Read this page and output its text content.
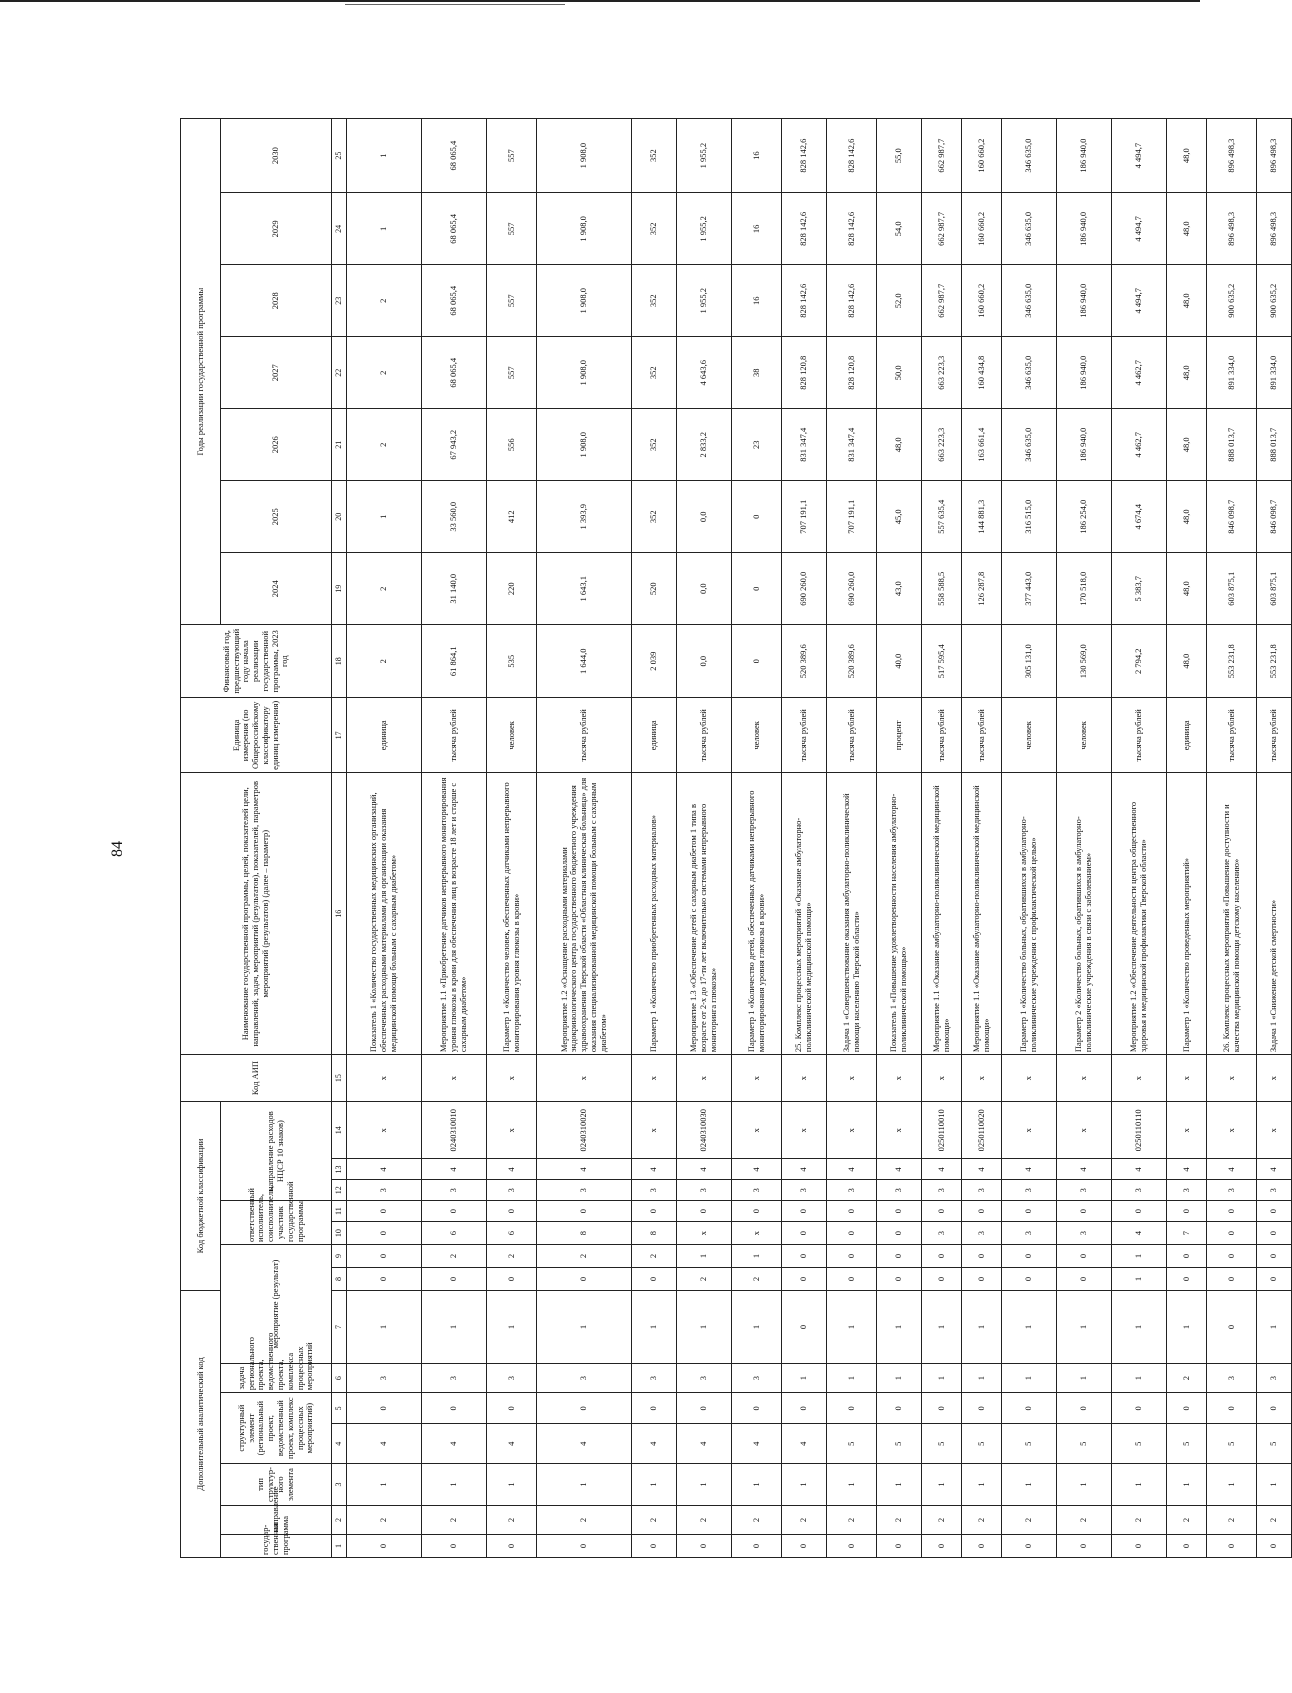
84
Дополнительный аналитический код							Код бюджетной классификации							Код АИП	Наименование государственной программы, целей, показателей цели, направлений, задач, мероприятий (результатов), показателей, параметров мероприятий (результатов) (далее – параметр)	Единица измерения (по Общероссийскому классификатору единиц измерения)	Финансовый год, предшествующий году начала реализации государственной программы, 2023 год	Годы реализации государственной программы						
государ-ственная программа	направление	тип структур-ного элемента	структурный элемент (региональный проект, ведомственный проект, комплекс процессных мероприятий)		задача регионального проекта, ведомственного проекта, комплекса процессных мероприятий	мероприятие (результат)			ответственный исполнитель, соисполнитель, участник государственной программы		направление расходов НЦСР 10 знаков)							2024	2025	2026	2027	2028	2029	2030

1	2	3	4	5	6	7	8	9	10	11	12	13	14	15	16	17	18	19	20	21	22	23	24	25
0	2	1	4	0	3	1	0	0	0	0	3	4	x	x	Показатель 1 «Количество государственных медицинских организаций, обеспеченных расходными материалами для организации оказания медицинской помощи больным с сахарным диабетом»	единица	2	2	1	2	2	2	1	1
0	2	1	4	0	3	1	0	2	6	0	3	4	0240310010	x	Мероприятие 1.1 «Приобретение датчиков непрерывного мониторирования уровня глюкозы в крови для обеспечения лиц в возрасте 18 лет и старше с сахарным диабетом»	тысяча рублей	61 864,1	31 140,0	33 560,0	67 943,2	68 065,4	68 065,4	68 065,4	68 065,4
0	2	1	4	0	3	1	0	2	6	0	3	4	x	x	Параметр 1 «Количество человек, обеспеченных датчиками непрерывного мониторирования уровня глюкозы в крови»	человек	535	220	412	556	557	557	557	557
0	2	1	4	0	3	1	0	2	8	0	3	4	0240310020	x	Мероприятие 1.2 «Оснащение расходными материалами эндокринологического центра государственного бюджетного учреждения здравоохранения Тверской области «Областная клиническая больница» для оказания специализированной медицинской помощи больным с сахарным диабетом»	тысяча рублей	1 644,0	1 643,1	1 393,9	1 908,0	1 908,0	1 908,0	1 908,0	1 908,0
0	2	1	4	0	3	1	0	2	8	0	3	4	x	x	Параметр 1 «Количество приобретенных расходных материалов»	единица	2 039	520	352	352	352	352	352	352
0	2	1	4	0	3	1	2	1	x	0	3	4	0240310030	x	Мероприятие 1.3 «Обеспечение детей с сахарным диабетом 1 типа в возрасте от 2-х до 17-ти лет включительно системами непрерывного мониторинга глюкозы»	тысяча рублей	0,0	0,0	0,0	2 833,2	4 643,6	1 955,2	1 955,2	1 955,2
0	2	1	4	0	3	1	2	1	x	0	3	4	x	x	Параметр 1 «Количество детей, обеспеченных датчиками непрерывного мониторирования уровня глюкозы в крови»	человек	0	0	0	23	38	16	16	16
0	2	1	4	0	1	0	0	0	0	0	3	4	x	x	25. Комплекс процессных мероприятий «Оказание амбулаторно-поликлинической медицинской помощи»	тысяча рублей	520 389,6	690 260,0	707 191,1	831 347,4	828 120,8	828 142,6	828 142,6	828 142,6
0	2	1	5	0	1	1	0	0	0	0	3	4	x	x	Задача 1 «Совершенствование оказания амбулаторно-поликлинической помощи населению Тверской области»	тысяча рублей	520 389,6	690 260,0	707 191,1	831 347,4	828 120,8	828 142,6	828 142,6	828 142,6
0	2	1	5	0	1	1	0	0	0	0	3	4	x	x	Показатель 1 «Повышение удовлетворенности населения амбулаторно-поликлинической помощью»	процент	40,0	43,0	45,0	48,0	50,0	52,0	54,0	55,0
0	2	1	5	0	1	1	0	0	3	0	3	4	0250110010	x	Мероприятие 1.1 «Оказание амбулаторно-поликлинической медицинской помощи»	тысяча рублей	517 595,4	558 588,5	557 635,4	663 223,3	663 223,3	662 987,7	662 987,7	662 987,7
0	2	1	5	0	1	1	0	0	3	0	3	4	0250110020	x	Мероприятие 1.1 «Оказание амбулаторно-поликлинической медицинской помощи»	тысяча рублей		126 287,8	144 881,3	163 661,4	160 434,8	160 660,2	160 660,2	160 660,2
0	2	1	5	0	1	1	0	0	3	0	3	4	x	x	Параметр 1 «Количество больных, обратившихся в амбулаторно-поликлинические учреждения с профилактической целью»	человек	305 131,0	377 443,0	316 515,0	346 635,0	346 635,0	346 635,0	346 635,0	346 635,0
0	2	1	5	0	1	1	0	0	3	0	3	4	x	x	Параметр 2 «Количество больных, обратившихся в амбулаторно-поликлинические учреждения в связи с заболеванием»	человек	130 569,0	170 518,0	186 254,0	186 940,0	186 940,0	186 940,0	186 940,0	186 940,0
0	2	1	5	0	1	1	1	1	4	0	3	4	0250110110	x	Мероприятие 1.2 «Обеспечение деятельности центра общественного здоровья и медицинской профилактики Тверской области»	тысяча рублей	2 794,2	5 383,7	4 674,4	4 462,7	4 462,7	4 494,7	4 494,7	4 494,7
0	2	1	5	0	2	1	0	0	7	0	3	4	x	x	Параметр 1 «Количество проведенных мероприятий»	единица	48,0	48,0	48,0	48,0	48,0	48,0	48,0	48,0
0	2	1	5	0	3	0	0	0	0	0	3	4	x	x	26. Комплекс процессных мероприятий «Повышение доступности и качества медицинской помощи детскому населению»	тысяча рублей	553 231,8	603 875,1	846 098,7	888 013,7	891 334,0	900 635,2	896 498,3	896 498,3
0	2	1	5	0	3	1	0	0	0	0	3	4	x	x	Задача 1 «Снижение детской смертности»	тысяча рублей	553 231,8	603 875,1	846 098,7	888 013,7	891 334,0	900 635,2	896 498,3	896 498,3
